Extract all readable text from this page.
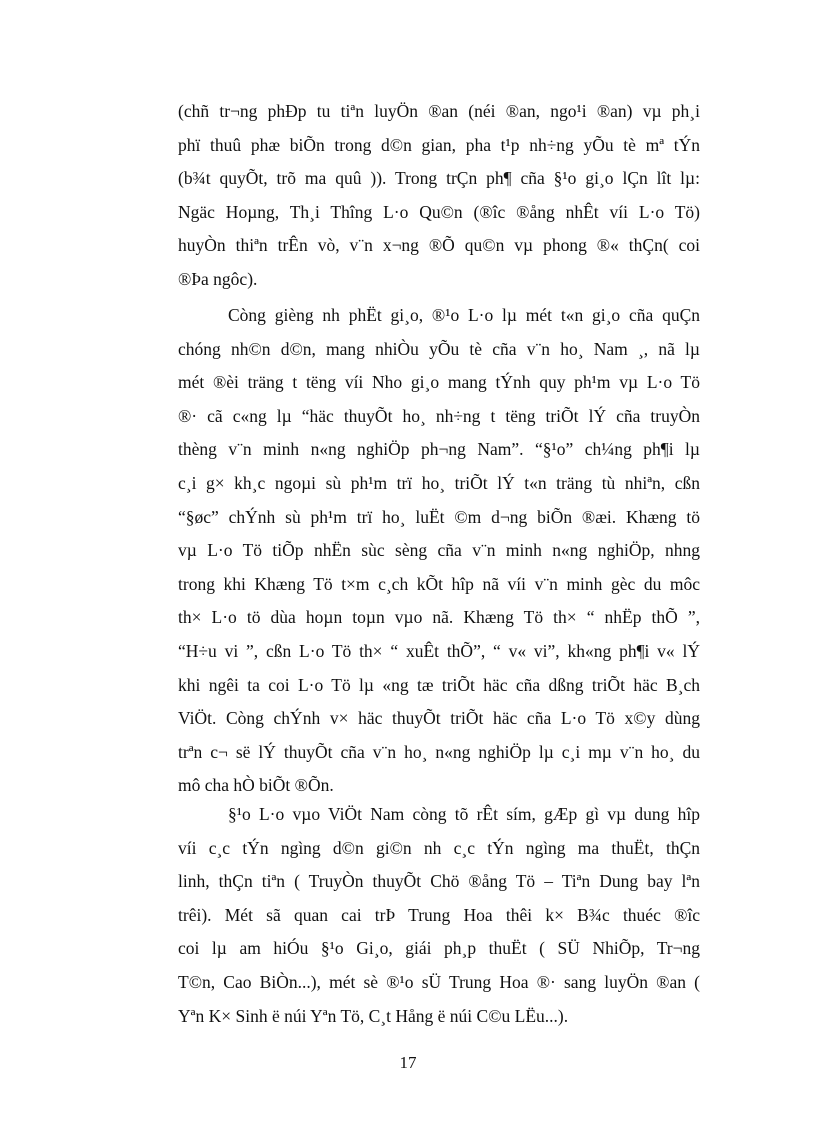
(chñ tr¬ng phÐp tu tiªn luyÖn ®an (néi ®an, ngo¹i ®an) vµ ph¸i
phï thuû phæ biÕn trong d©n gian, pha t¹p nh÷ng yÕu tè mª tÝn
(b¾t quyÕt, trõ ma quû )). Trong trÇn ph¶ cña §¹o gi¸o lÇn lît lµ:
Ngäc Hoµng, Th¸i Thîng L·o Qu©n (®îc ®ång nhÊt víi L·o Tö)
huyÒn thiªn trÊn vò, v¨n x¬ng ®Õ qu©n vµ phong ®« thÇn( coi
®Þa ngôc).
Còng gièng nh phËt gi¸o, ®¹o L·o lµ mét t«n gi¸o cña quÇn
chóng nh©n d©n, mang nhiÒu yÕu tè cña v¨n ho¸ Nam ¸, nã lµ
mét ®èi träng t tëng víi Nho gi¸o mang tÝnh quy ph¹m vµ L·o Tö
®· cã c«ng lµ “häc thuyÕt ho¸ nh÷ng t tëng triÕt lÝ cña truyÒn
thèng v¨n minh n«ng nghiÖp ph¬ng Nam”. “§¹o” ch¼ng ph¶i lµ
c¸i g× kh¸c ngoµi sù ph¹m trï ho¸ triÕt lÝ t«n träng tù nhiªn, cßn
“§øc” chÝnh sù ph¹m trï ho¸ luËt ©m d¬ng biÕn ®æi. Khæng tö
vµ L·o Tö tiÕp nhËn sùc sèng cña v¨n minh n«ng nghiÖp, nhng
trong khi Khæng Tö t×m c¸ch kÕt hîp nã víi v¨n minh gèc du môc
th× L·o tö dùa hoµn toµn vµo nã. Khæng Tö th× “ nhËp thÕ ”,
“H÷u vi ”, cßn L·o Tö th× “ xuÊt thÕ”, “ v« vi”, kh«ng ph¶i v« lÝ
khi ngêi ta coi L·o Tö lµ «ng tæ triÕt häc cña dßng triÕt häc B¸ch
ViÖt. Còng chÝnh v× häc thuyÕt triÕt häc cña L·o Tö x©y dùng
trªn c¬ së lÝ thuyÕt cña v¨n ho¸ n«ng nghiÖp lµ c¸i mµ v¨n ho¸ du
mô cha hÒ biÕt ®Õn.
§¹o L·o vµo ViÖt Nam còng tõ rÊt sím, gÆp gì vµ dung hîp
víi c¸c tÝn ngìng d©n gi©n nh c¸c tÝn ngìng ma thuËt, thÇn
linh, thÇn tiªn ( TruyÒn thuyÕt Chö ®ång Tö – Tiªn Dung bay lªn
trêi). Mét sã quan cai trÞ Trung Hoa thêi k× B¾c thuéc ®îc
coi lµ am hiÓu §¹o Gi¸o, giái ph¸p thuËt ( SÜ NhiÕp, Tr¬ng
T©n, Cao BiÒn...), mét sè ®¹o sÜ Trung Hoa ®· sang luyÖn ®an (
Yªn K× Sinh ë núi Yªn Tö, C¸t Hång ë núi C©u LËu...).
17
